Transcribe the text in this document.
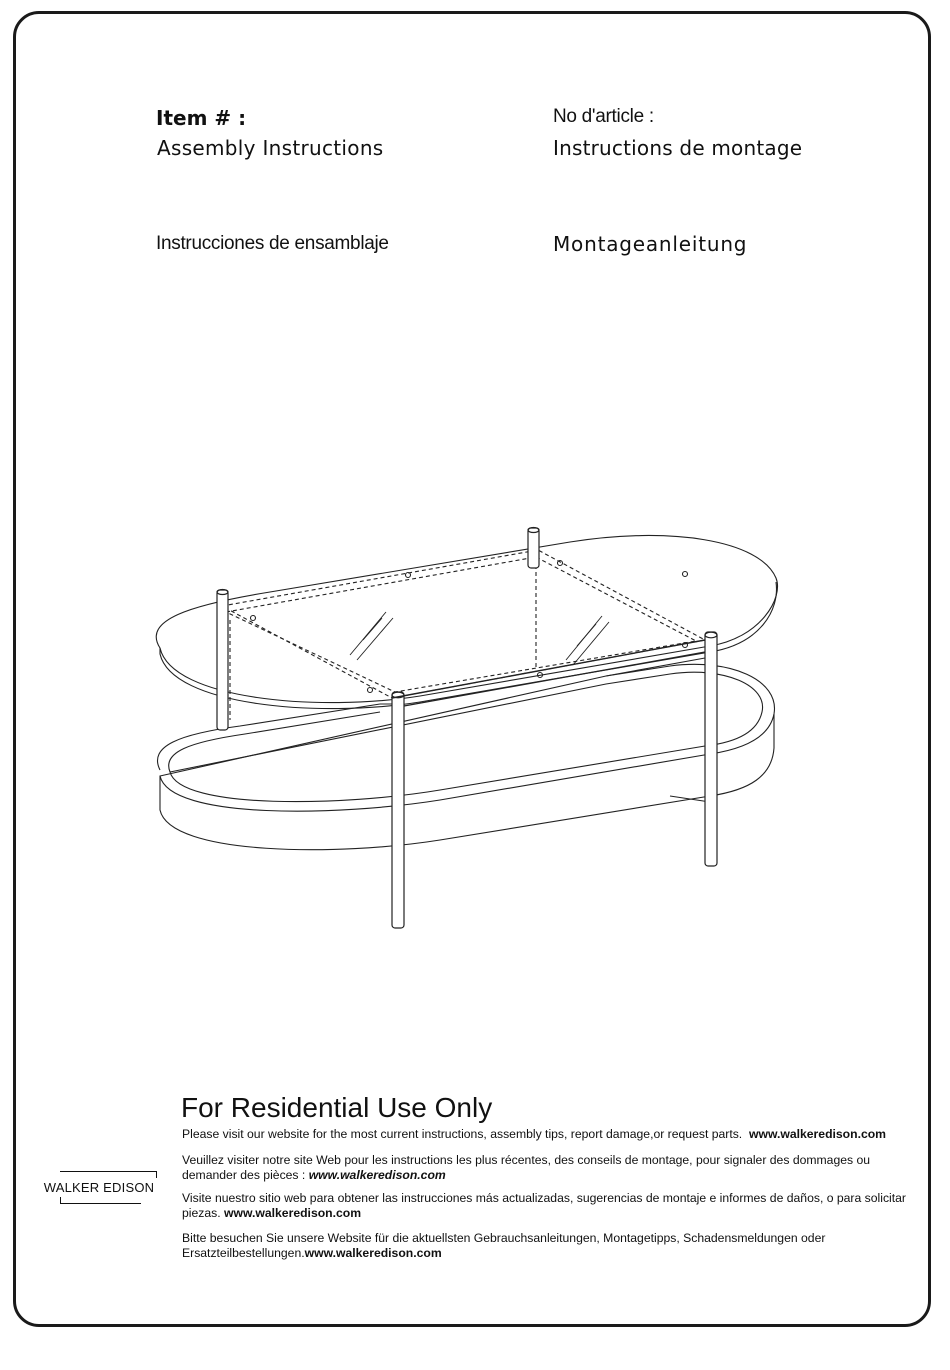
Item # :
Assembly Instructions
No d'article :
Instructions de montage
Instrucciones de ensamblaje	Montageanleitung
For Residential Use Only
Please visit our website for the most current instructions, assembly tips, report damage,or request parts. www.walkeredison.com
Veuillez visiter notre site Web pour les instructions les plus récentes, des conseils de montage, pour signaler des dommages ou demander des pièces : www.walkeredison.com
Visite nuestro sitio web para obtener las instrucciones más actualizadas, sugerencias de montaje e informes de daños, o para solicitar piezas. www.walkeredison.com
Bitte besuchen Sie unsere Website für die aktuellsten Gebrauchsanleitungen, Montagetipps, Schadensmeldungen oder Ersatzteilbestellungen.www.walkeredison.com
WALKER EDISON
